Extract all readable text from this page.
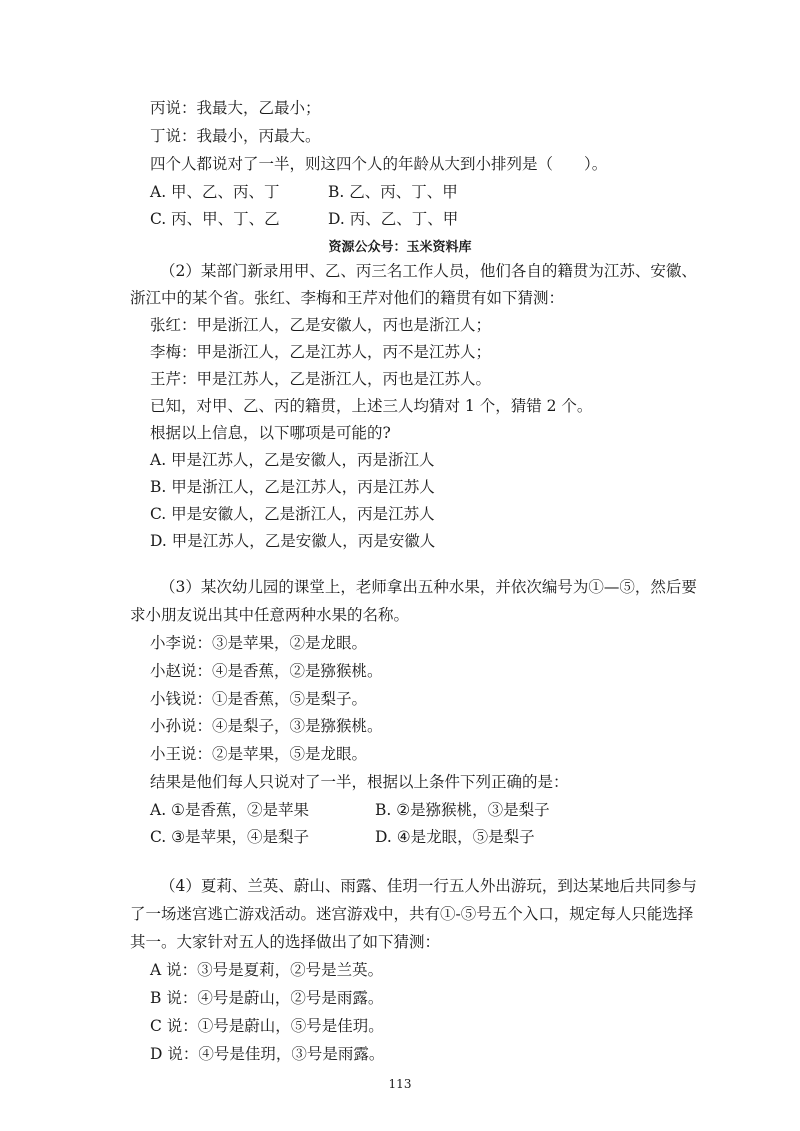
丙说：我最大，乙最小；
丁说：我最小，丙最大。
四个人都说对了一半，则这四个人的年龄从大到小排列是（　　）。
A. 甲、乙、丙、丁	B. 乙、丙、丁、甲
C. 丙、甲、丁、乙	D. 丙、乙、丁、甲
资源公众号：玉米资料库
（2）某部门新录用甲、乙、丙三名工作人员，他们各自的籍贯为江苏、安徽、
浙江中的某个省。张红、李梅和王芹对他们的籍贯有如下猜测：
张红：甲是浙江人，乙是安徽人，丙也是浙江人；
李梅：甲是浙江人，乙是江苏人，丙不是江苏人；
王芹：甲是江苏人，乙是浙江人，丙也是江苏人。
已知，对甲、乙、丙的籍贯，上述三人均猜对 1 个，猜错 2 个。
根据以上信息，以下哪项是可能的?
A. 甲是江苏人，乙是安徽人，丙是浙江人
B. 甲是浙江人，乙是江苏人，丙是江苏人
C. 甲是安徽人，乙是浙江人，丙是江苏人
D. 甲是江苏人，乙是安徽人，丙是安徽人
（3）某次幼儿园的课堂上，老师拿出五种水果，并依次编号为①—⑤，然后要
求小朋友说出其中任意两种水果的名称。
小李说：③是苹果，②是龙眼。
小赵说：④是香蕉，②是猕猴桃。
小钱说：①是香蕉，⑤是梨子。
小孙说：④是梨子，③是猕猴桃。
小王说：②是苹果，⑤是龙眼。
结果是他们每人只说对了一半，根据以上条件下列正确的是：
A. ①是香蕉，②是苹果	B. ②是猕猴桃，③是梨子
C. ③是苹果，④是梨子	D. ④是龙眼，⑤是梨子
（4）夏莉、兰英、蔚山、雨露、佳玥一行五人外出游玩，到达某地后共同参与
了一场迷宫逃亡游戏活动。迷宫游戏中，共有①-⑤号五个入口，规定每人只能选择
其一。大家针对五人的选择做出了如下猜测：
A 说：③号是夏莉，②号是兰英。
B 说：④号是蔚山，②号是雨露。
C 说：①号是蔚山，⑤号是佳玥。
D 说：④号是佳玥，③号是雨露。
113
